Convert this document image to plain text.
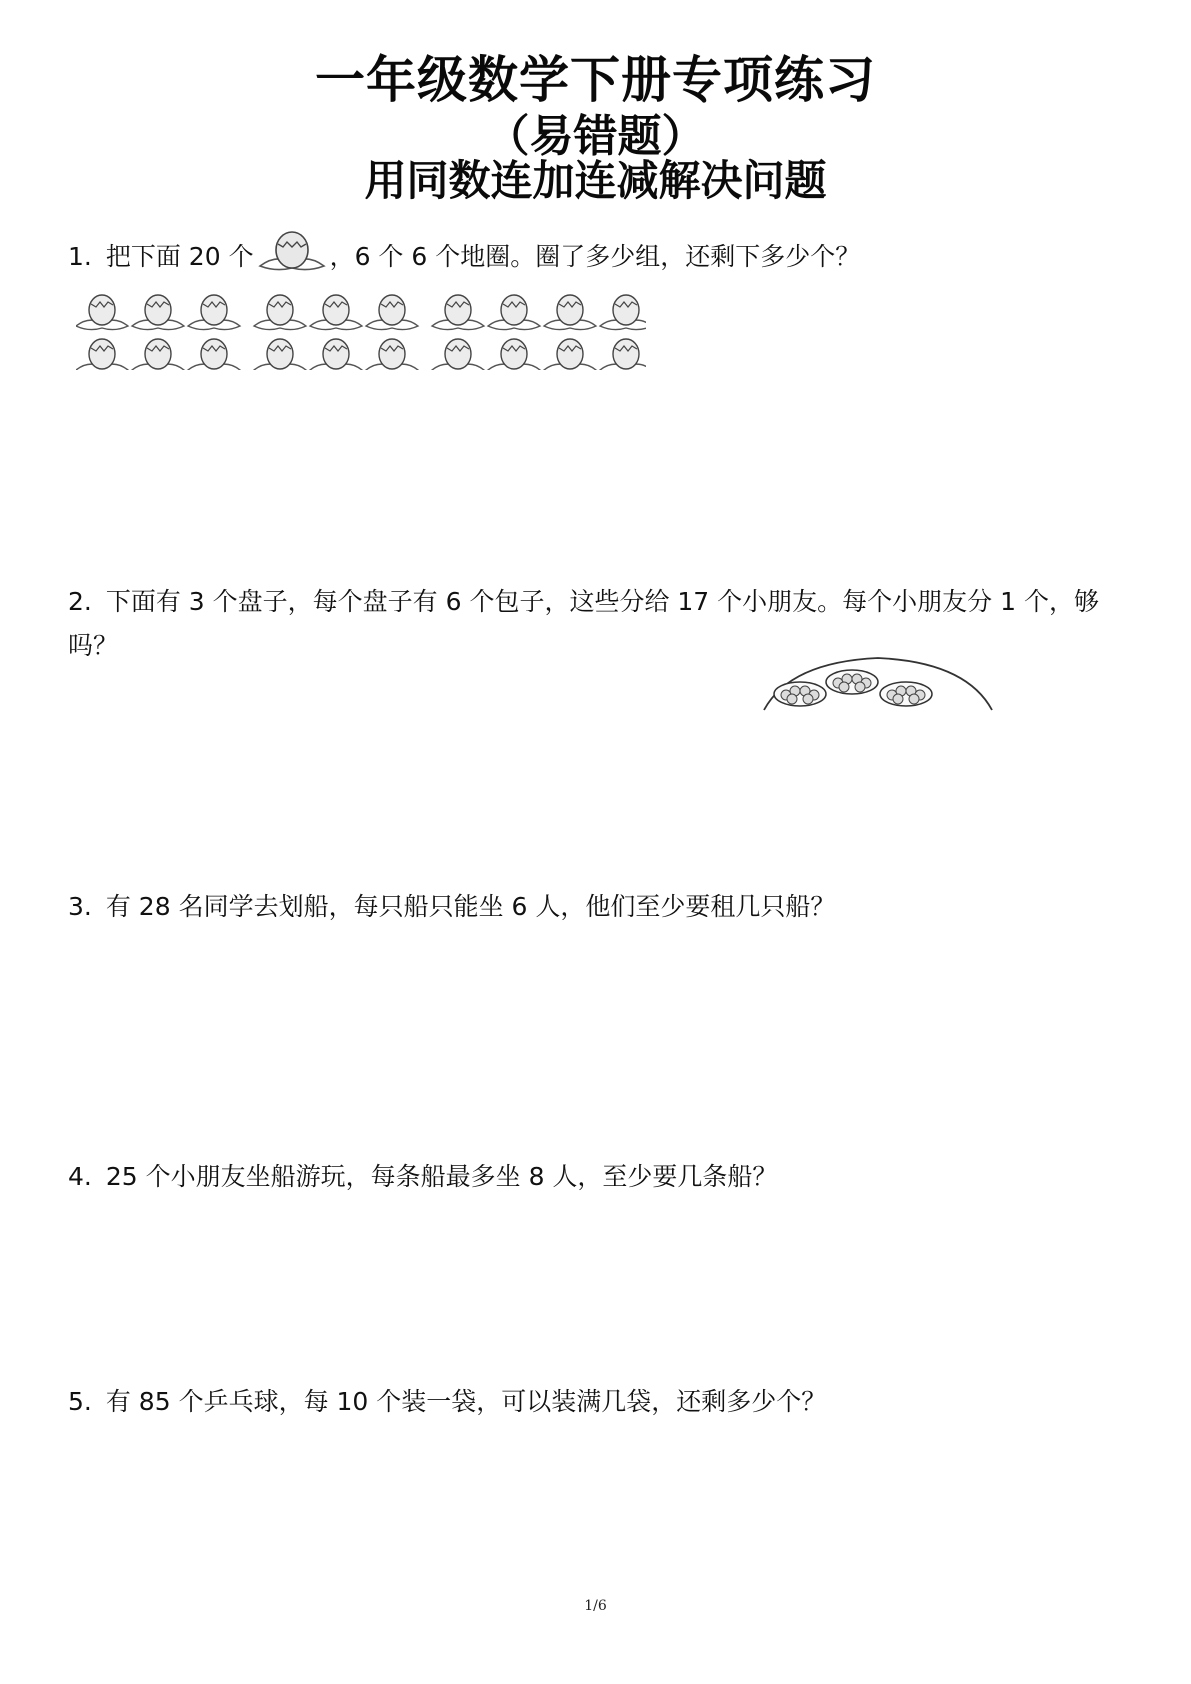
一年级数学下册专项练习
（易错题）
用同数连加连减解决问题
1. 把下面 20 个	，6 个 6 个地圈。圈了多少组，还剩下多少个？
2. 下面有 3 个盘子，每个盘子有 6 个包子，这些分给 17 个小朋友。每个小朋友分 1 个，够吗？
3. 有 28 名同学去划船，每只船只能坐 6 人，他们至少要租几只船？
4. 25 个小朋友坐船游玩，每条船最多坐 8 人，至少要几条船？
5. 有 85 个乒乓球，每 10 个装一袋，可以装满几袋，还剩多少个？
1/6
